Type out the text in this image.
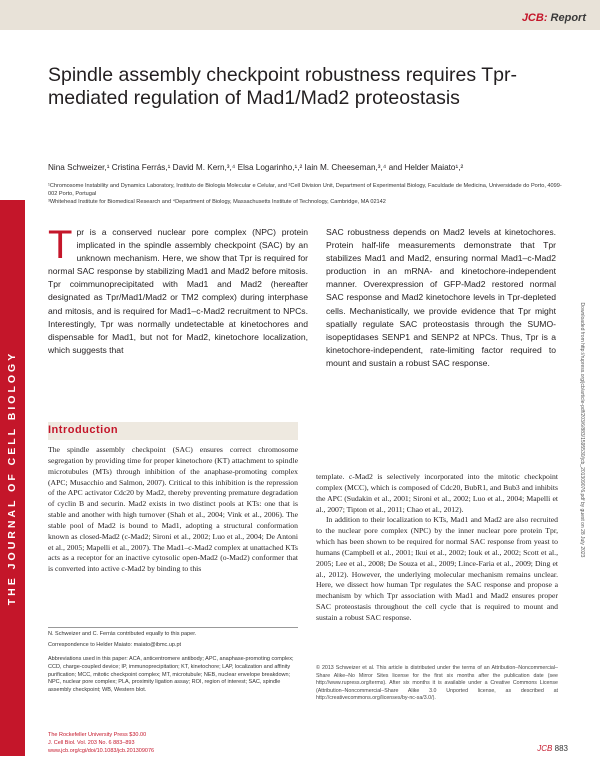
JCB: Report
THE JOURNAL OF CELL BIOLOGY
Spindle assembly checkpoint robustness requires Tpr-mediated regulation of Mad1/Mad2 proteostasis
Nina Schweizer,¹ Cristina Ferrás,¹ David M. Kern,³,⁴ Elsa Logarinho,¹,² Iain M. Cheeseman,³,⁴ and Helder Maiato¹,²
¹Chromosome Instability and Dynamics Laboratory, Instituto de Biologia Molecular e Celular, and ²Cell Division Unit, Department of Experimental Biology, Faculdade de Medicina, Universidade do Porto, 4099-002 Porto, Portugal
³Whitehead Institute for Biomedical Research and ⁴Department of Biology, Massachusetts Institute of Technology, Cambridge, MA 02142
Tpr is a conserved nuclear pore complex (NPC) protein implicated in the spindle assembly checkpoint (SAC) by an unknown mechanism. Here, we show that Tpr is required for normal SAC response by stabilizing Mad1 and Mad2 before mitosis. Tpr coimmunoprecipitated with Mad1 and Mad2 (hereafter designated as Tpr/Mad1/Mad2 or TM2 complex) during interphase and mitosis, and is required for Mad1–c-Mad2 recruitment to NPCs. Interestingly, Tpr was normally undetectable at kinetochores and dispensable for Mad1, but not for Mad2, kinetochore localization, which suggests that
SAC robustness depends on Mad2 levels at kinetochores. Protein half-life measurements demonstrate that Tpr stabilizes Mad1 and Mad2, ensuring normal Mad1–c-Mad2 production in an mRNA- and kinetochore-independent manner. Overexpression of GFP-Mad2 restored normal SAC response and Mad2 kinetochore levels in Tpr-depleted cells. Mechanistically, we provide evidence that Tpr might spatially regulate SAC proteostasis through the SUMO-isopeptidases SENP1 and SENP2 at NPCs. Thus, Tpr is a kinetochore-independent, rate-limiting factor required to mount and sustain a robust SAC response.	Downloaded from http://rupress.org/jcb/article-pdf/203/6/883/1595530/jcb_201309076.pdf by guest on 28 July 2023
Introduction

The spindle assembly checkpoint (SAC) ensures correct chromosome segregation by providing time for proper kinetochore (KT) attachment to spindle microtubules (MTs) through inhibition of the anaphase-promoting complex (APC; Musacchio and Salmon, 2007). Critical to this inhibition is the repression of the APC activator Cdc20 by Mad2, thereby preventing premature degradation of cyclin B and securin. Mad2 exists in two distinct pools at KTs: one that is stable and another with high turnover (Shah et al., 2004; Vink et al., 2006). The stable pool of Mad2 is bound to Mad1, adopting a structural conformation known as closed-Mad2 (c-Mad2; Sironi et al., 2002; Luo et al., 2004; De Antoni et al., 2005; Mapelli et al., 2007). The Mad1–c-Mad2 complex at unattached KTs acts as a receptor for an inactive cytosolic open-Mad2 (o-Mad2) conformer that is converted into active c-Mad2 by binding to this

template. c-Mad2 is selectively incorporated into the mitotic checkpoint complex (MCC), which is composed of Cdc20, BubR1, and Bub3 and inhibits the APC (Sudakin et al., 2001; Sironi et al., 2002; Luo et al., 2004; Mapelli et al., 2007; Tipton et al., 2011; Chao et al., 2012).

In addition to their localization to KTs, Mad1 and Mad2 are also recruited to the nuclear pore complex (NPC) by the inner nuclear pore protein Tpr, which has been shown to be required for normal SAC response from yeast to humans (Campbell et al., 2001; Ikui et al., 2002; Iouk et al., 2002; Scott et al., 2005; Lee et al., 2008; De Souza et al., 2009; Lince-Faria et al., 2009; Ding et al., 2012). However, the underlying molecular mechanism remains unclear. Here, we dissect how human Tpr regulates the SAC response and propose a mechanism by which Tpr association with Mad1 and Mad2 ensures proper SAC proteostasis throughout the cell cycle that is required to mount and sustain a robust SAC response.

N. Schweizer and C. Ferrás contributed equally to this paper.
Correspondence to Helder Maiato: maiato@ibmc.up.pt
Abbreviations used in this paper: ACA, anticentromere antibody; APC, anaphase-promoting complex; CCD, charge-coupled device; IP, immunoprecipitation; KT, kinetochore; LAP, localization and affinity purification; MCC, mitotic checkpoint complex; MT, microtubule; NEB, nuclear envelope breakdown; NPC, nuclear pore complex; PLA, proximity ligation assay; ROI, region of interest; SAC, spindle assembly checkpoint; WB, Western blot.
© 2013 Schweizer et al. This article is distributed under the terms of an Attribution–Noncommercial–Share Alike–No Mirror Sites license for the first six months after the publication date (see http://www.rupress.org/terms). After six months it is available under a Creative Commons License (Attribution–Noncommercial–Share Alike 3.0 Unported license, as described at http://creativecommons.org/licenses/by-nc-sa/3.0/).
The Rockefeller University Press $30.00
J. Cell Biol. Vol. 203 No. 6 883–893
www.jcb.org/cgi/doi/10.1083/jcb.201309076	JCB 883
